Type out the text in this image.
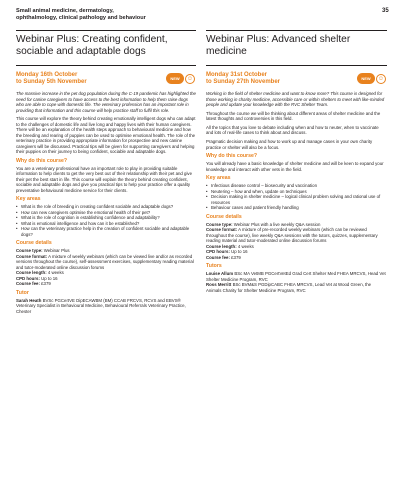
Small animal medicine, dermatology,
ophthalmology, clinical pathology and behaviour
35
Webinar Plus: Creating confident,
sociable and adaptable dogs
Webinar Plus: Advanced shelter medicine
Monday 16th October
to Sunday 5th November
NEW	☺
Monday 31st October
to Sunday 27th November
NEW	☺

The massive increase in the pet dog population during the C-19 pandemic has highlighted the need for canine caregivers to have access to the best information to help them raise dogs who are able to cope with domestic life. The veterinary profession has an important role in providing that information and this course will help practice staff to fulfil this role.

This course will explore the theory behind creating emotionally intelligent dogs who can adapt to the challenges of domestic life and live long and happy lives with their human caregivers. There will be an explanation of the health steps approach to behavioural medicine and how the breeding and rearing of puppies can be used to optimise emotional health. The role of the veterinary practice in providing appropriate information for prospective and new canine caregivers will be discussed. Practical tips will be given for supporting caregivers and helping their puppies on their journey to being confident, sociable and adaptable dogs.

Why do this course?

You are a veterinary professional have an important role to play in providing suitable information to help clients to get the very best out of their relationship with their pet and give their pet the best start in life. This course will explain the theory behind creating confident, sociable and adaptable dogs and give you practical tips to help your practice offer a quality preventative behavioural medicine service for their clients.

Key areas
• What is the role of breeding in creating confident sociable and adaptable dogs?
• How can new caregivers optimise the emotional health of their pet?
• What is the role of cognition in establishing confidence and adaptability?
• What is emotional intelligence and how can it be established?
• How can the veterinary practice help in the creation of confident sociable and adaptable dogs?
Course details
Course type: Webinar Plus
Course format: A mixture of weekly webinars (which can be viewed live and/or as recorded versions throughout the course), self-assessment exercises, supplementary reading material and tutor-moderated online discussion forums
Course length: 4 weeks
CPD hours: Up to 16
Course fee: £379
Tutor
Sarah Heath BVSc PGCertVE DipECAWBM (BM) CCAB FRCVS, RCVS and EBVS® Veterinary Specialist in Behavioural Medicine, Behavioural Referrals Veterinary Practice, Chester

Working in the field of shelter medicine and want to know more? This course is designed for those working in charity medicine, accessible care or within shelters to meet with like-minded people and update your knowledge with the RVC Shelter Team.

Throughout the course we will be thinking about different areas of shelter medicine and the latest thoughts and controversies in this field.

All the topics that you love to debate including when and how to neuter, when to vaccinate and lots of real-life cases to think about and discuss.

Pragmatic decision making and how to work up and manage cases in your own charity practice or shelter will also be a focus.

Why do this course?

You will already have a basic knowledge of shelter medicine and will be keen to expand your knowledge and interact with other vets in the field.

Key areas
• Infectious disease control – biosecurity and vaccination
• Neutering – how and when, update on techniques
• Decision making in shelter medicine – logical clinical problem solving and rational use of resources
• Behaviour cases and patient friendly handling
Course details
Course type: Webinar Plus with a live weekly Q&A session
Course format: A mixture of pre-recorded weekly webinars (which can be reviewed throughout the course), live weekly Q&A sessions with the tutors, quizzes, supplementary reading material and tutor-moderated online discussion forums
Course length: 4 weeks
CPD hours: Up to 16
Course fee: £379
Tutors
Louise Allum BSc MA VetMB PGCertVetEd Grad Cert Shelter Med FHEA MRCVS, Head Vet Shelter Medicine Program, RVC
Ross Merritt BSc BVM&S PGDipCABC FHEA MRCVS, Lead Vet at Wood Green, the Animals Charity for Shelter Medicine Program, RVC
